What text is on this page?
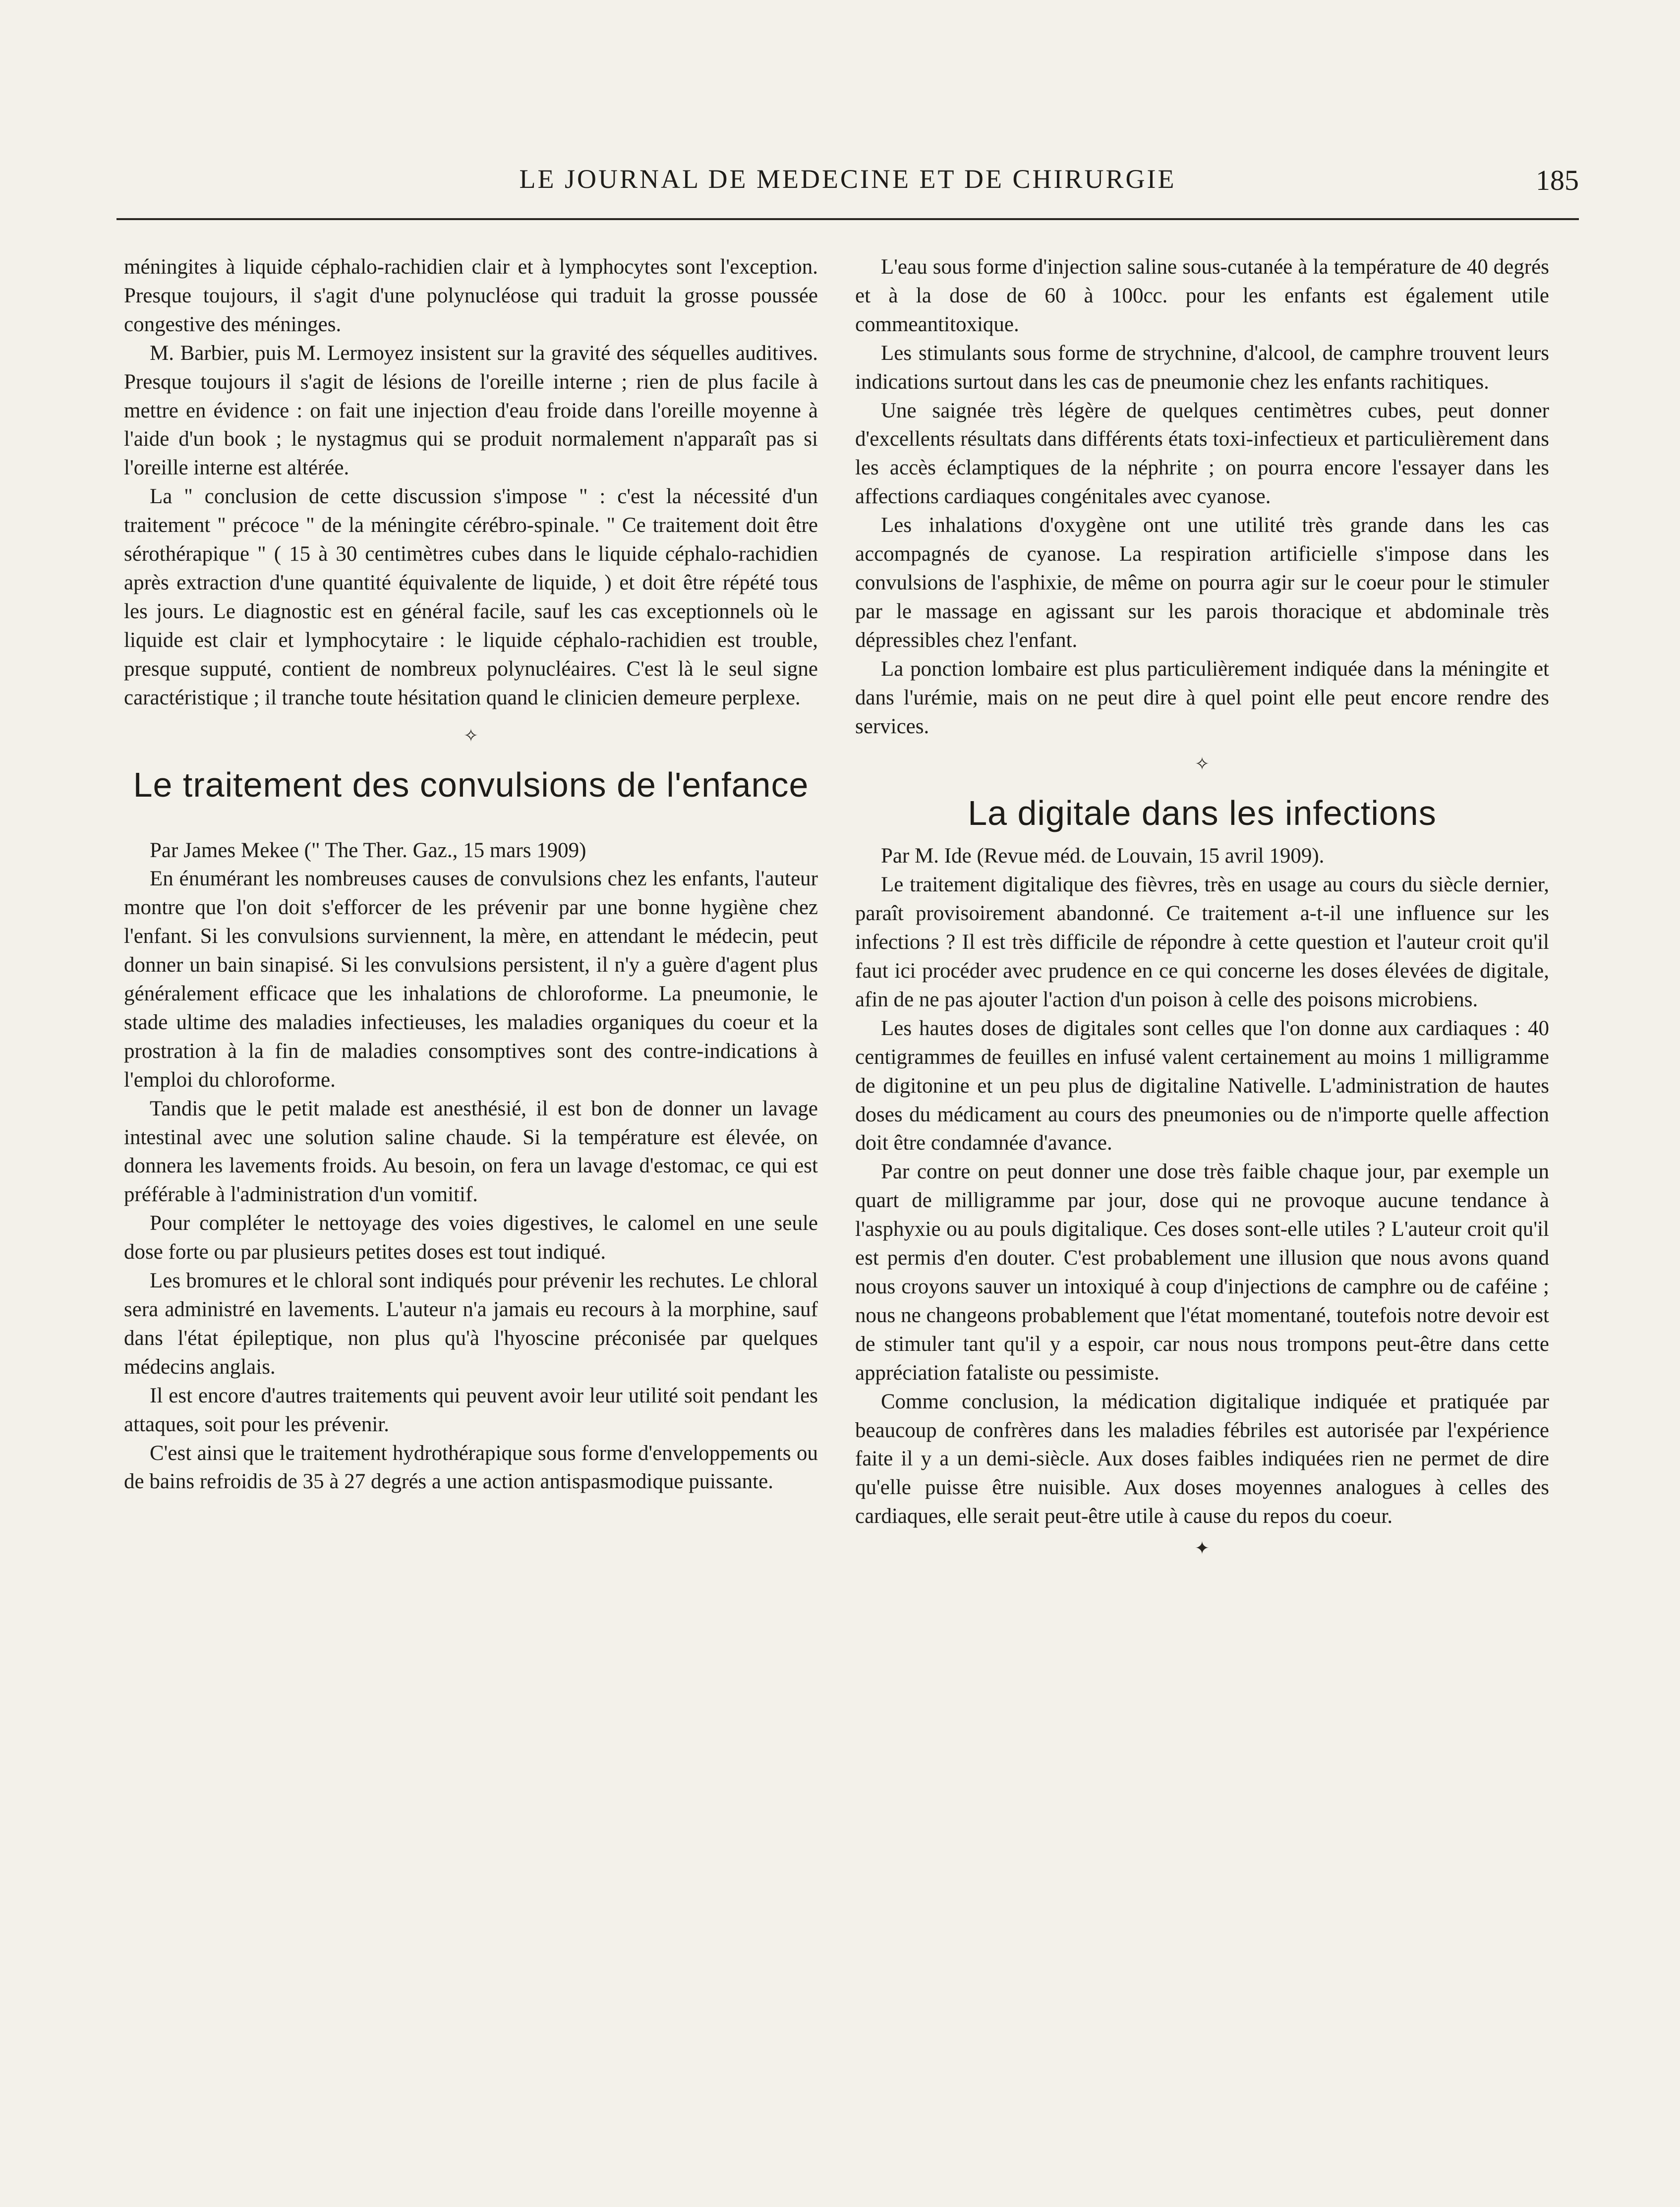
LE JOURNAL DE MEDECINE ET DE CHIRURGIE	185

méningites à liquide céphalo-rachidien clair et à lymphocytes sont l'exception. Presque toujours, il s'agit d'une polynucléose qui traduit la grosse poussée congestive des méninges.

M. Barbier, puis M. Lermoyez insistent sur la gravité des séquelles auditives. Presque toujours il s'agit de lésions de l'oreille interne ; rien de plus facile à mettre en évidence : on fait une injection d'eau froide dans l'oreille moyenne à l'aide d'un book ; le nystagmus qui se produit normalement n'apparaît pas si l'oreille interne est altérée.

La " conclusion de cette discussion s'impose " : c'est la nécessité d'un traitement " précoce " de la méningite cérébro-spinale. " Ce traitement doit être sérothérapique " ( 15 à 30 centimètres cubes dans le liquide céphalo-rachidien après extraction d'une quantité équivalente de liquide, ) et doit être répété tous les jours. Le diagnostic est en général facile, sauf les cas exceptionnels où le liquide est clair et lymphocytaire : le liquide céphalo-rachidien est trouble, presque supputé, contient de nombreux polynucléaires. C'est là le seul signe caractéristique ; il tranche toute hésitation quand le clinicien demeure perplexe.

✧
Le traitement des convulsions de l'enfance

Par James Mekee (" The Ther. Gaz., 15 mars 1909)

En énumérant les nombreuses causes de convulsions chez les enfants, l'auteur montre que l'on doit s'efforcer de les prévenir par une bonne hygiène chez l'enfant. Si les convulsions surviennent, la mère, en attendant le médecin, peut donner un bain sinapisé. Si les convulsions persistent, il n'y a guère d'agent plus généralement efficace que les inhalations de chloroforme. La pneumonie, le stade ultime des maladies infectieuses, les maladies organiques du coeur et la prostration à la fin de maladies consomptives sont des contre-indications à l'emploi du chloroforme.

Tandis que le petit malade est anesthésié, il est bon de donner un lavage intestinal avec une solution saline chaude. Si la température est élevée, on donnera les lavements froids. Au besoin, on fera un lavage d'estomac, ce qui est préférable à l'administration d'un vomitif.

Pour compléter le nettoyage des voies digestives, le calomel en une seule dose forte ou par plusieurs petites doses est tout indiqué.

Les bromures et le chloral sont indiqués pour prévenir les rechutes. Le chloral sera administré en lavements. L'auteur n'a jamais eu recours à la morphine, sauf dans l'état épileptique, non plus qu'à l'hyoscine préconisée par quelques médecins anglais.

Il est encore d'autres traitements qui peuvent avoir leur utilité soit pendant les attaques, soit pour les prévenir.

C'est ainsi que le traitement hydrothérapique sous forme d'enveloppements ou de bains refroidis de 35 à 27 degrés a une action antispasmodique puissante.

L'eau sous forme d'injection saline sous-cutanée à la température de 40 degrés et à la dose de 60 à 100cc. pour les enfants est également utile commeantitoxique.

Les stimulants sous forme de strychnine, d'alcool, de camphre trouvent leurs indications surtout dans les cas de pneumonie chez les enfants rachitiques.

Une saignée très légère de quelques centimètres cubes, peut donner d'excellents résultats dans différents états toxi-infectieux et particulièrement dans les accès éclamptiques de la néphrite ; on pourra encore l'essayer dans les affections cardiaques congénitales avec cyanose.

Les inhalations d'oxygène ont une utilité très grande dans les cas accompagnés de cyanose. La respiration artificielle s'impose dans les convulsions de l'asphixie, de même on pourra agir sur le coeur pour le stimuler par le massage en agissant sur les parois thoracique et abdominale très dépressibles chez l'enfant.

La ponction lombaire est plus particulièrement indiquée dans la méningite et dans l'urémie, mais on ne peut dire à quel point elle peut encore rendre des services.

✧
La digitale dans les infections

Par M. Ide (Revue méd. de Louvain, 15 avril 1909).

Le traitement digitalique des fièvres, très en usage au cours du siècle dernier, paraît provisoirement abandonné. Ce traitement a-t-il une influence sur les infections ? Il est très difficile de répondre à cette question et l'auteur croit qu'il faut ici procéder avec prudence en ce qui concerne les doses élevées de digitale, afin de ne pas ajouter l'action d'un poison à celle des poisons microbiens.

Les hautes doses de digitales sont celles que l'on donne aux cardiaques : 40 centigrammes de feuilles en infusé valent certainement au moins 1 milligramme de digitonine et un peu plus de digitaline Nativelle. L'administration de hautes doses du médicament au cours des pneumonies ou de n'importe quelle affection doit être condamnée d'avance.

Par contre on peut donner une dose très faible chaque jour, par exemple un quart de milligramme par jour, dose qui ne provoque aucune tendance à l'asphyxie ou au pouls digitalique. Ces doses sont-elle utiles ? L'auteur croit qu'il est permis d'en douter. C'est probablement une illusion que nous avons quand nous croyons sauver un intoxiqué à coup d'injections de camphre ou de caféine ; nous ne changeons probablement que l'état momentané, toutefois notre devoir est de stimuler tant qu'il y a espoir, car nous nous trompons peut-être dans cette appréciation fataliste ou pessimiste.

Comme conclusion, la médication digitalique indiquée et pratiquée par beaucoup de confrères dans les maladies fébriles est autorisée par l'expérience faite il y a un demi-siècle. Aux doses faibles indiquées rien ne permet de dire qu'elle puisse être nuisible. Aux doses moyennes analogues à celles des cardiaques, elle serait peut-être utile à cause du repos du coeur.

✦
